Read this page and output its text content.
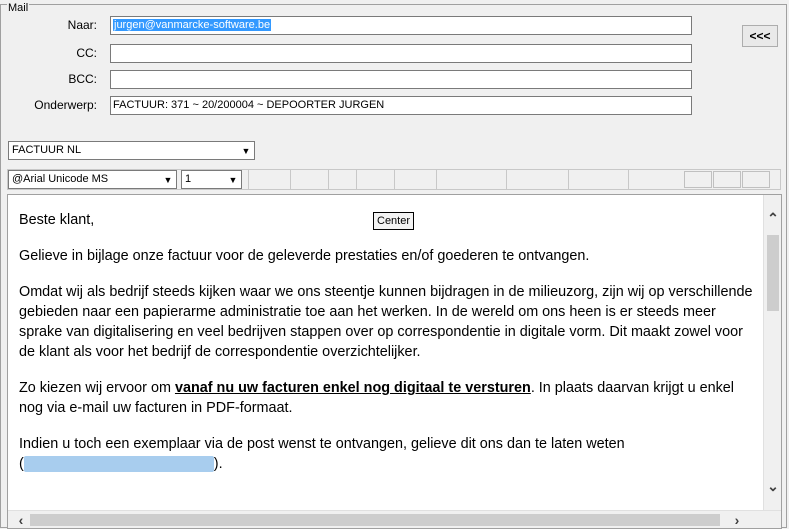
Mail
Naar:	jurgen@vanmarcke-software.be
CC:
BCC:
Onderwerp: FACTUUR: 371 ~ 20/200004 ~ DEPOORTER JURGEN
<<<
FACTUUR NL	▼
@Arial Unicode MS	▼	1	▼

Beste klant,

Gelieve in bijlage onze factuur voor de geleverde prestaties en/of goederen te ontvangen.

Omdat wij als bedrijf steeds kijken waar we ons steentje kunnen bijdragen in de milieuzorg, zijn wij op verschillende gebieden naar een papierarme administratie toe aan het werken. In de wereld om ons heen is er steeds meer sprake van digitalisering en veel bedrijven stappen over op correspondentie in digitale vorm. Dit maakt zowel voor de klant als voor het bedrijf de correspondentie overzichtelijker.

Zo kiezen wij ervoor om vanaf nu uw facturen enkel nog digitaal te versturen. In plaats daarvan krijgt u enkel nog via e-mail uw facturen in PDF-formaat.

Indien u toch een exemplaar via de post wenst te ontvangen, gelieve dit ons dan te laten weten
(	).

Center	⌃
⌄
‹	›
